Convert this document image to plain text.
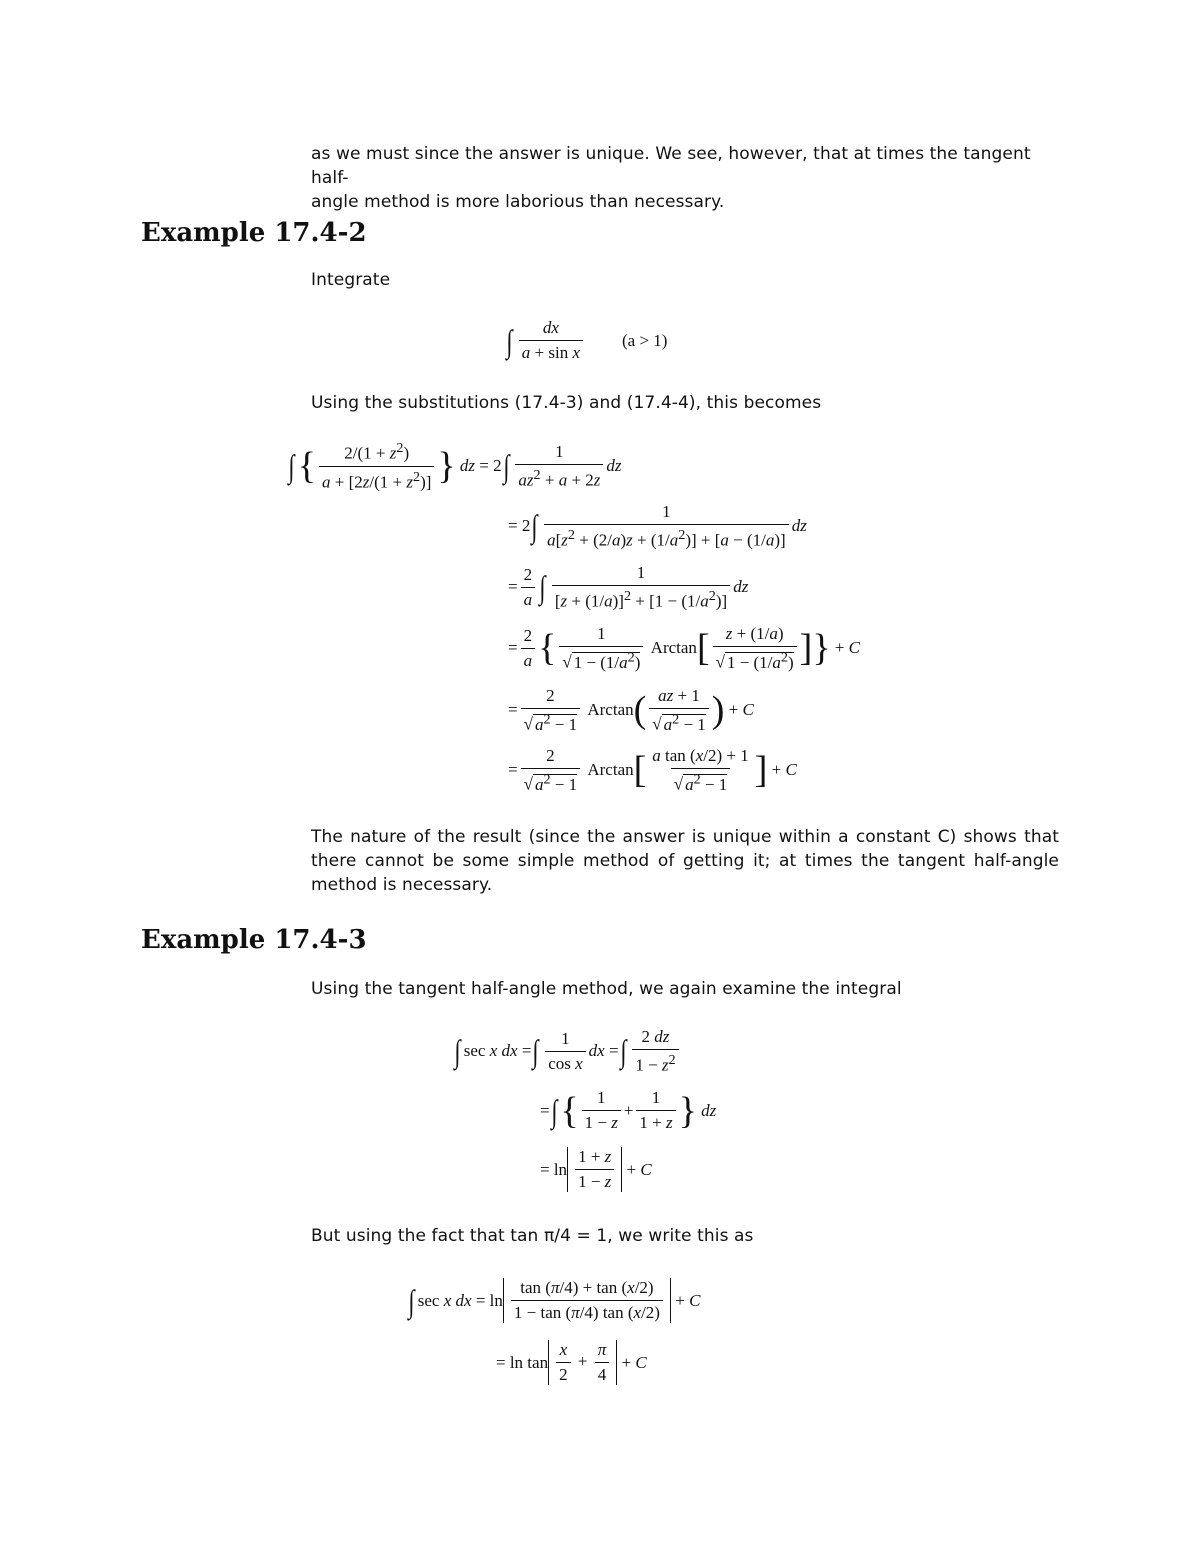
as we must since the answer is unique. We see, however, that at times the tangent half-
angle method is more laborious than necessary.
Example 17.4-2
Integrate
∫ $\frac{dx}{\text{a + sin x}} (a > 1)$
Using the substitutions (17.4-3) and (17.4-4), this becomes
∫ { $\frac{2/(1 + z^2)}{a + [2z/(1 + z^2)]}$ } dz = 2 ∫ $\frac{1}{az^2 + a + 2z}$ dz
= 2 ∫ $\frac{1}{a[z^2 + (2/a)z + (1/a^2)] + [a - (1/a)]}$ dz
= $\frac{2}{a}$ ∫ $\frac{1}{[z + (1/a)]^2 + [1 - (1/a^2)]}$ dz
= $\frac{2}{a}$ { $\frac{1}{√ 1 - (1/a^2)}$ Arctan [ $\frac{z + (1/a)}{√ 1 - (1/a^2)}$ ]} + C
= $\frac{2}{√ a^2 - 1}$ Arctan ( $\frac{az + 1}{√ a^2 - 1}$ ) + C
= $\frac{2}{√ a^2 - 1}$ Arctan [ $\frac{\text{a tan (x/2) + 1}}{√ a^2 - 1}$ ] + C
The nature of the result (since the answer is unique within a constant C) shows that there cannot be some simple method of getting it; at times the tangent half-angle method is necessary.
Example 17.4-3
Using the tangent half-angle method, we again examine the integral
∫ sec x dx = ∫ $\frac{1}{\text{cos x}}$ dx = ∫ $\frac{2 dz}{1 - z^2}$
= ∫ { $\frac{1}{1 - z} + \frac{1}{1 + z}$ } dz
= $\ln \frac{1 + z}{1 - z} + C$
But using the fact that tan π/4 = 1, we write this as
∫ sec x dx = $\ln \frac{\tan (\pi/4) + \tan (x/2)}{1 - \tan (\pi/4) \tan (x/2)} + C$
= $\ln \tan \frac{x}{2} + \frac{\pi}{4} + C$
